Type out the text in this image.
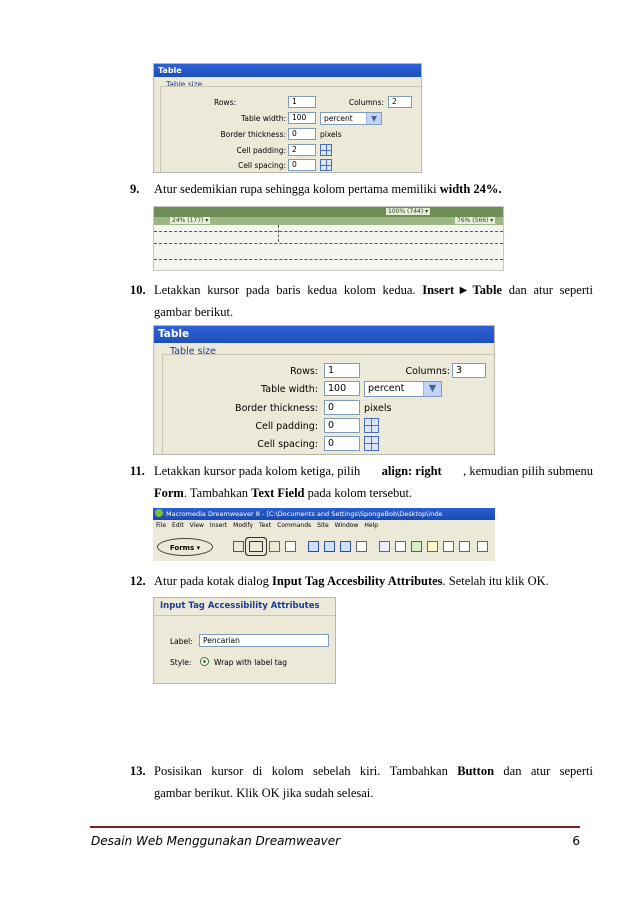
Table
Table size
Rows:	1	Columns:	2
Table width: 100	percent	▼
Border thickness: 0	pixels
Cell padding: 2
Cell spacing: 0
9. Atur sedemikian rupa sehingga kolom pertama memiliki width 24%.
100% (744) ▾
24% (177) ▾	76% (566) ▾
10. Letakkan kursor pada baris kedua kolom kedua. Insert ► Table dan atur seperti
gambar berikut.
Table
Table size
Rows:	1	Columns: 3
Table width:	100	percent	▼
Border thickness:	0	pixels
Cell padding:	0
Cell spacing:	0
11. Letakkan kursor pada kolom ketiga, pilih align: right , kemudian pilih submenu
Form. Tambahkan Text Field pada kolom tersebut.
Macromedia Dreamweaver 8 - [C:\Documents and Settings\SpongeBob\Desktop\inde
File Edit View Insert Modify Text Commands Site Window Help
Forms ▾
12. Atur pada kotak dialog Input Tag Accesbility Attributes. Setelah itu klik OK.
Input Tag Accessibility Attributes
Label:	Pencarian
Style:	Wrap with label tag
13. Posisikan kursor di kolom sebelah kiri. Tambahkan Button dan atur seperti
gambar berikut. Klik OK jika sudah selesai.
Desain Web Menggunakan Dreamweaver	6
